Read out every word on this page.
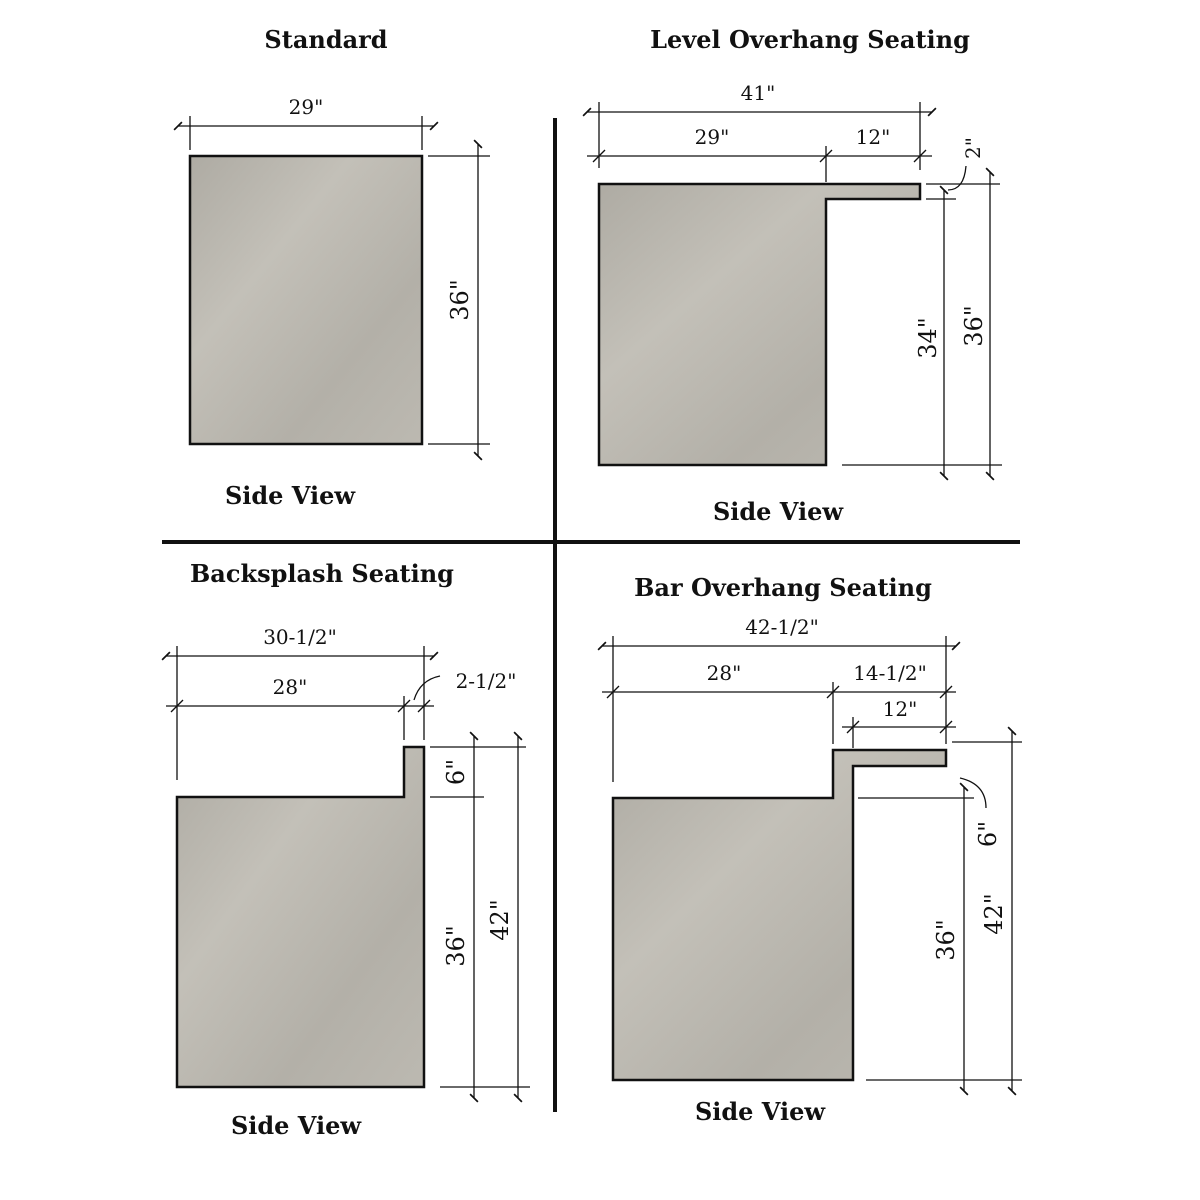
Standard
29"
36"
Side View
Level Overhang Seating
41"
29"	12"	2"
34" 36"
Side View
Backsplash Seating
30-1/2"
28"	2-1/2"
6"
36"
42"
Side View
Bar Overhang Seating
42-1/2"
28"	14-1/2"
12"
6"
36"
42"
Side View
